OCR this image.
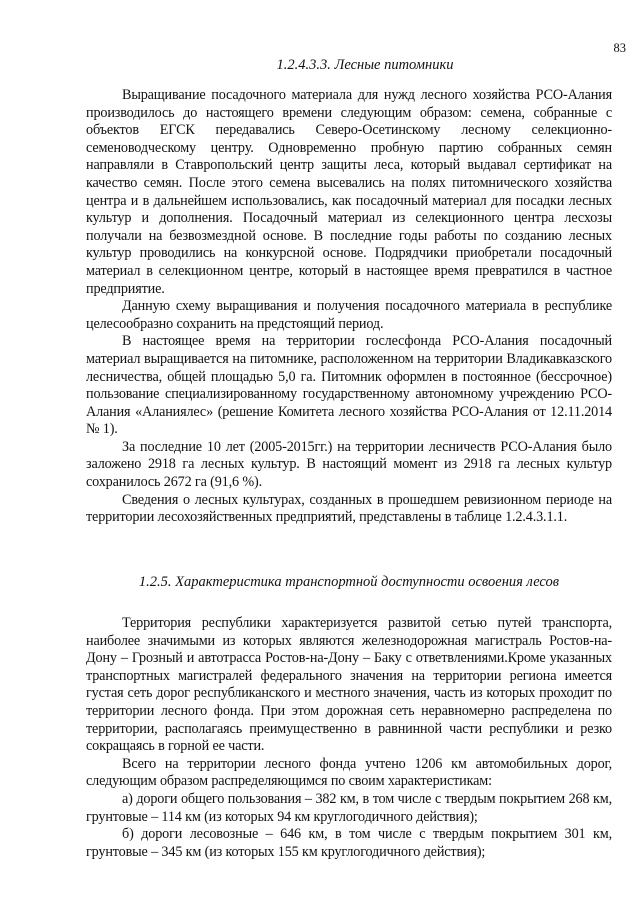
83
1.2.4.3.3. Лесные питомники

Выращивание посадочного материала для нужд лесного хозяйства РСО-Алания производилось до настоящего времени следующим образом: семена, собранные с объектов ЕГСК передавались Северо-Осетинскому лесному селекционно-семеноводческому центру. Одновременно пробную партию собранных семян направляли в Ставропольский центр защиты леса, который выдавал сертификат на качество семян. После этого семена высевались на полях питомнического хозяйства центра и в дальнейшем использовались, как посадочный материал для посадки лесных культур и дополнения. Посадочный материал из селекционного центра лесхозы получали на безвозмездной основе. В последние годы работы по созданию лесных культур проводились на конкурсной основе. Подрядчики приобретали посадочный материал в селекционном центре, который в настоящее время превратился в частное предприятие.

Данную схему выращивания и получения посадочного материала в республике целесообразно сохранить на предстоящий период.

В настоящее время на территории гослесфонда РСО-Алания посадочный материал выращивается на питомнике, расположенном на территории Владикавказского лесничества, общей площадью 5,0 га. Питомник оформлен в постоянное (бессрочное) пользование специализированному государственному автономному учреждению РСО-Алания «Аланиялес» (решение Комитета лесного хозяйства РСО-Алания от 12.11.2014 № 1).

За последние 10 лет (2005-2015гг.) на территории лесничеств РСО-Алания было заложено 2918 га лесных культур. В настоящий момент из 2918 га лесных культур сохранилось 2672 га (91,6 %).

Сведения о лесных культурах, созданных в прошедшем ревизионном периоде на территории лесохозяйственных предприятий, представлены в таблице 1.2.4.3.1.1.

1.2.5. Характеристика транспортной доступности освоения лесов

Территория республики характеризуется развитой сетью путей транспорта, наиболее значимыми из которых являются железнодорожная магистраль Ростов-на-Дону – Грозный и автотрасса Ростов-на-Дону – Баку с ответвлениями.Кроме указанных транспортных магистралей федерального значения на территории региона имеется густая сеть дорог республиканского и местного значения, часть из которых проходит по территории лесного фонда. При этом дорожная сеть неравномерно распределена по территории, располагаясь преимущественно в равнинной части республики и резко сокращаясь в горной ее части.

Всего на территории лесного фонда учтено 1206 км автомобильных дорог, следующим образом распределяющимся по своим характеристикам:

а) дороги общего пользования – 382 км, в том числе с твердым покрытием 268 км, грунтовые – 114 км (из которых 94 км круглогодичного действия);

б) дороги лесовозные – 646 км, в том числе с твердым покрытием 301 км, грунтовые – 345 км (из которых 155 км круглогодичного действия);
